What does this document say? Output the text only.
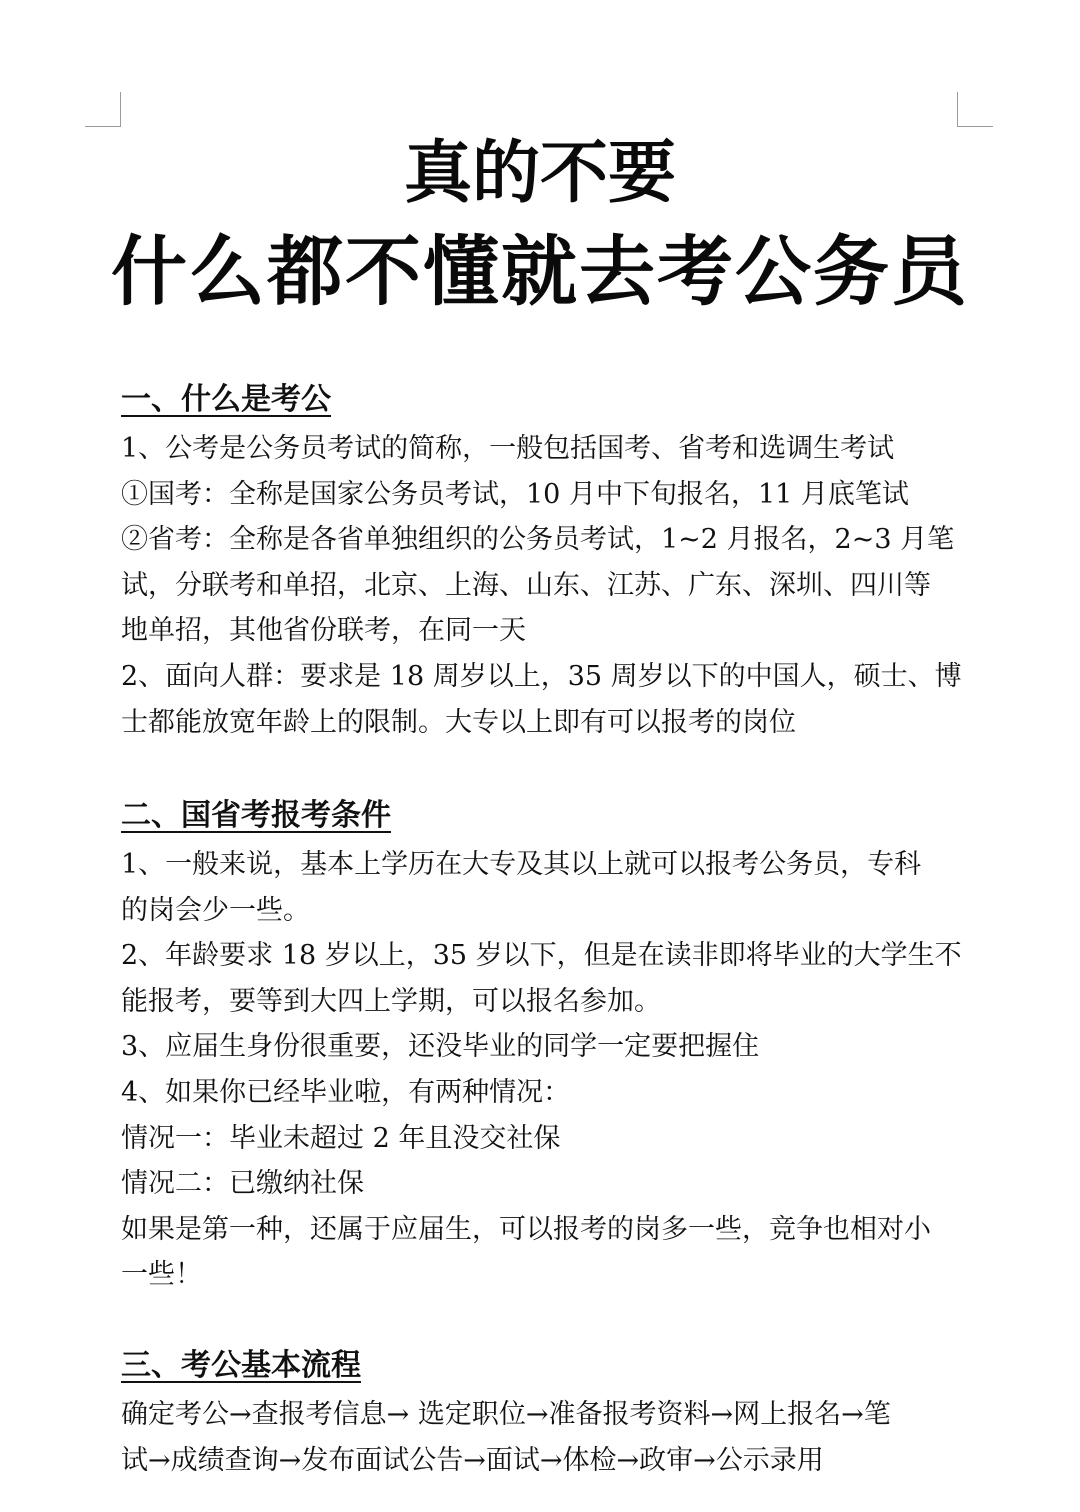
真的不要
什么都不懂就去考公务员
一、什么是考公

1、公考是公务员考试的简称，一般包括国考、省考和选调生考试

①国考：全称是国家公务员考试，10 月中下旬报名，11 月底笔试

②省考：全称是各省单独组织的公务员考试，1~2 月报名，2~3 月笔

试，分联考和单招，北京、上海、山东、江苏、广东、深圳、四川等

地单招，其他省份联考，在同一天

2、面向人群：要求是 18 周岁以上，35 周岁以下的中国人，硕士、博

士都能放宽年龄上的限制。大专以上即有可以报考的岗位

二、国省考报考条件

1、一般来说，基本上学历在大专及其以上就可以报考公务员，专科

的岗会少一些。

2、年龄要求 18 岁以上，35 岁以下，但是在读非即将毕业的大学生不

能报考，要等到大四上学期，可以报名参加。

3、应届生身份很重要，还没毕业的同学一定要把握住

4、如果你已经毕业啦，有两种情况：

情况一：毕业未超过 2 年且没交社保

情况二：已缴纳社保

如果是第一种，还属于应届生，可以报考的岗多一些，竞争也相对小

一些！

三、考公基本流程

确定考公→查报考信息→ 选定职位→准备报考资料→网上报名→笔

试→成绩查询→发布面试公告→面试→体检→政审→公示录用
